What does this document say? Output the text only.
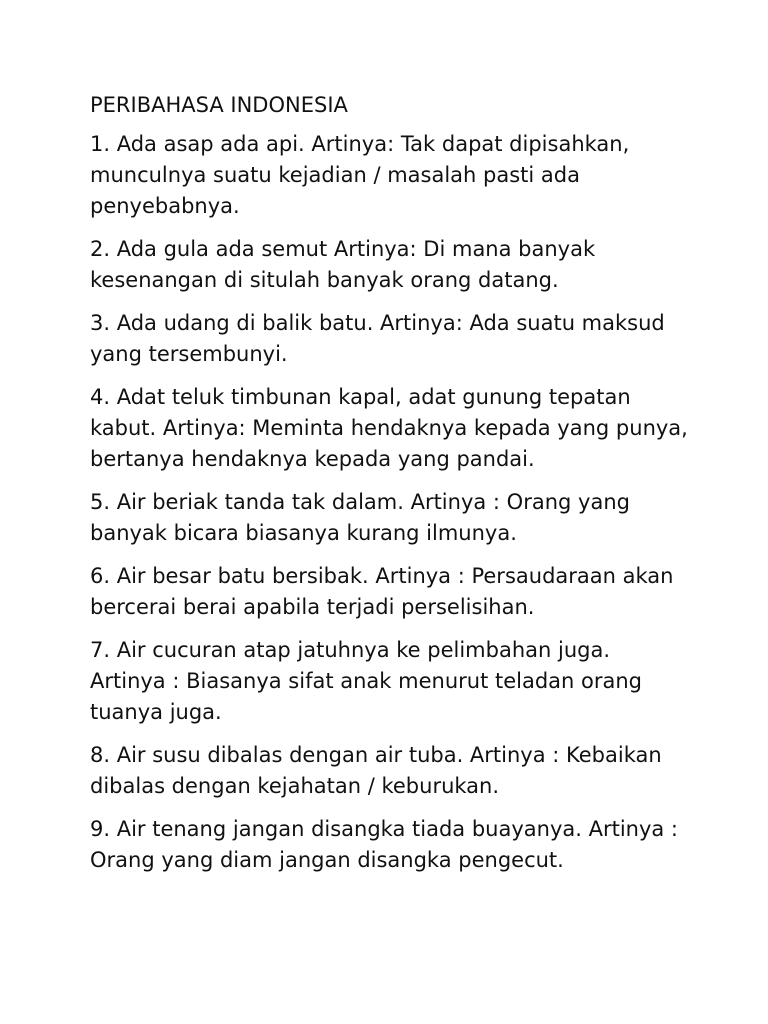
PERIBAHASA INDONESIA
1. Ada asap ada api. Artinya: Tak dapat dipisahkan, munculnya suatu kejadian / masalah pasti ada penyebabnya.
2. Ada gula ada semut Artinya: Di mana banyak kesenangan di situlah banyak orang datang.
3. Ada udang di balik batu. Artinya: Ada suatu maksud yang tersembunyi.
4. Adat teluk timbunan kapal, adat gunung tepatan kabut. Artinya: Meminta hendaknya kepada yang punya, bertanya hendaknya kepada yang pandai.
5. Air beriak tanda tak dalam. Artinya : Orang yang banyak bicara biasanya kurang ilmunya.
6. Air besar batu bersibak. Artinya : Persaudaraan akan bercerai berai apabila terjadi perselisihan.
7. Air cucuran atap jatuhnya ke pelimbahan juga. Artinya : Biasanya sifat anak menurut teladan orang tuanya juga.
8. Air susu dibalas dengan air tuba. Artinya : Kebaikan dibalas dengan kejahatan / keburukan.
9. Air tenang jangan disangka tiada buayanya. Artinya : Orang yang diam jangan disangka pengecut.
